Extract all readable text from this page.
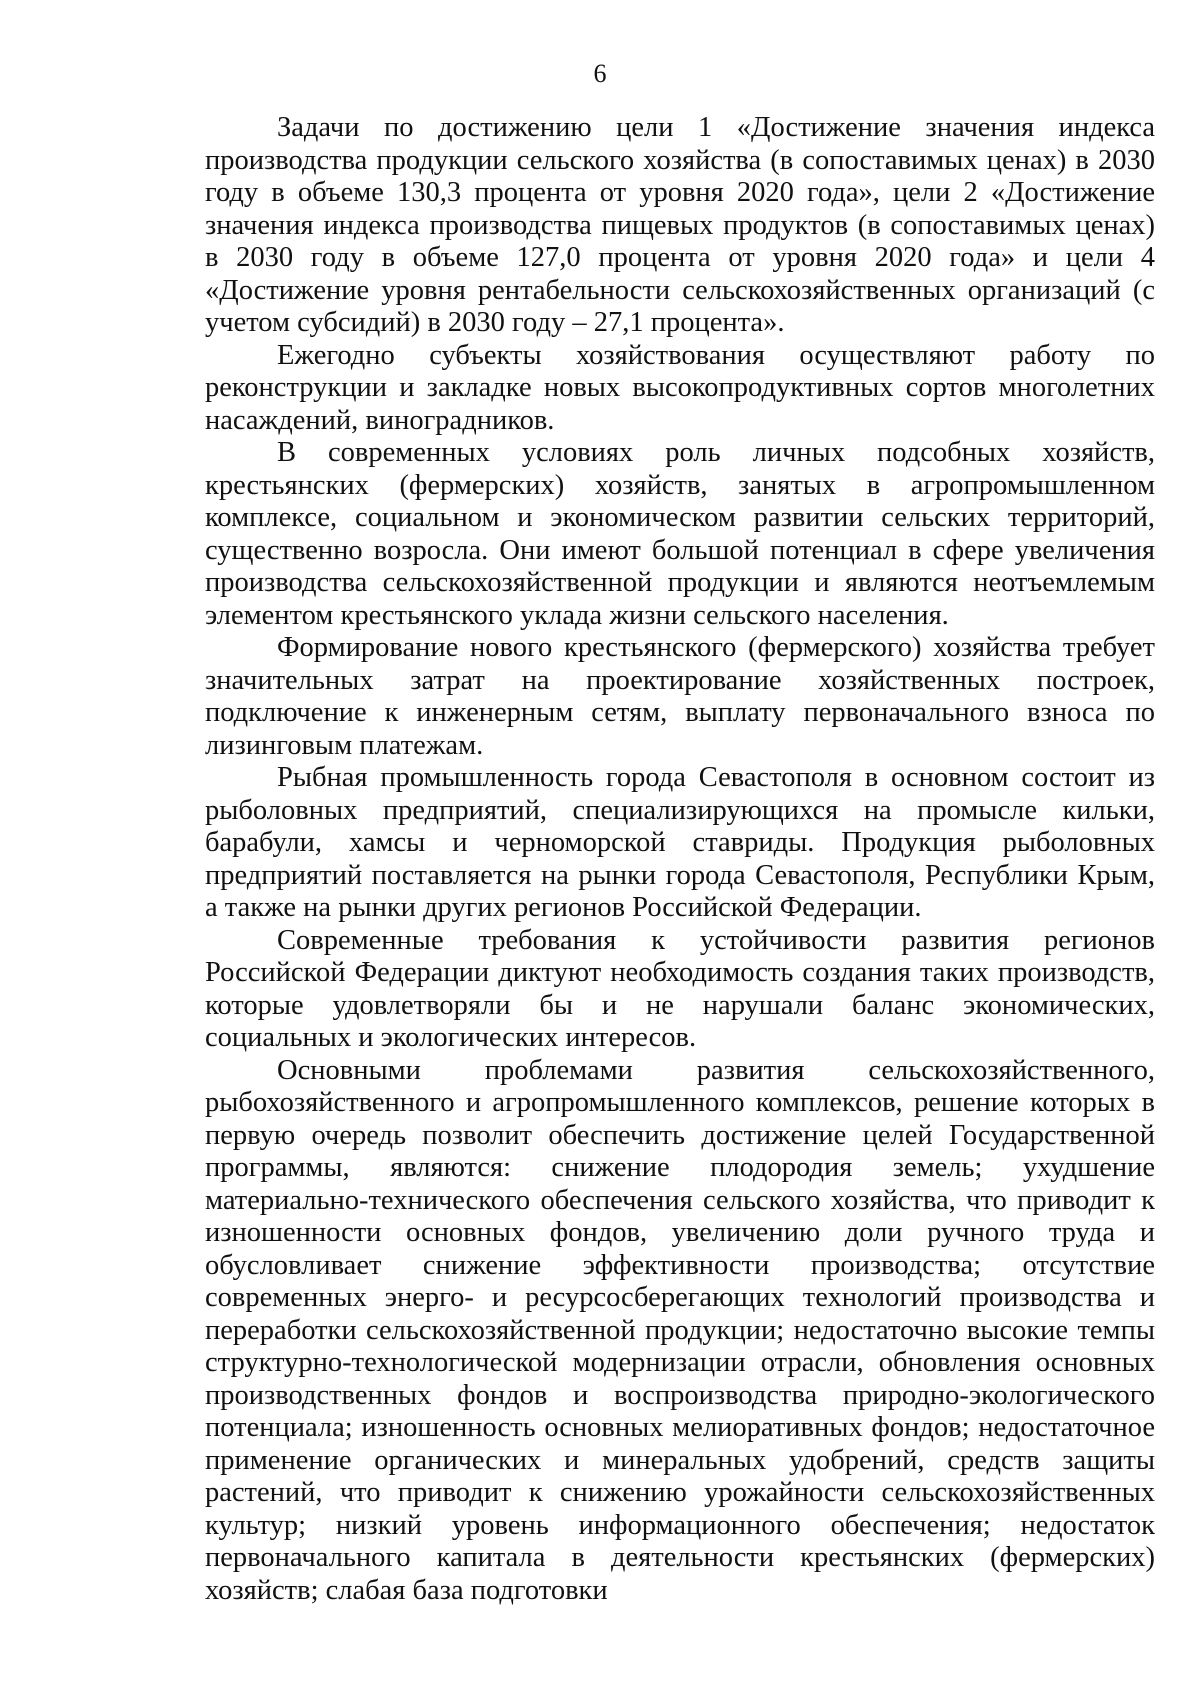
6

Задачи по достижению цели 1 «Достижение значения индекса производства продукции сельского хозяйства (в сопоставимых ценах) в 2030 году в объеме 130,3 процента от уровня 2020 года», цели 2 «Достижение значения индекса производства пищевых продуктов (в сопоставимых ценах) в 2030 году в объеме 127,0 процента от уровня 2020 года» и цели 4 «Достижение уровня рентабельности сельскохозяйственных организаций (с учетом субсидий) в 2030 году – 27,1 процента».

Ежегодно субъекты хозяйствования осуществляют работу по реконструкции и закладке новых высокопродуктивных сортов многолетних насаждений, виноградников.

В современных условиях роль личных подсобных хозяйств, крестьянских (фермерских) хозяйств, занятых в агропромышленном комплексе, социальном и экономическом развитии сельских территорий, существенно возросла. Они имеют большой потенциал в сфере увеличения производства сельскохозяйственной продукции и являются неотъемлемым элементом крестьянского уклада жизни сельского населения.

Формирование нового крестьянского (фермерского) хозяйства требует значительных затрат на проектирование хозяйственных построек, подключение к инженерным сетям, выплату первоначального взноса по лизинговым платежам.

Рыбная промышленность города Севастополя в основном состоит из рыболовных предприятий, специализирующихся на промысле кильки, барабули, хамсы и черноморской ставриды. Продукция рыболовных предприятий поставляется на рынки города Севастополя, Республики Крым, а также на рынки других регионов Российской Федерации.

Современные требования к устойчивости развития регионов Российской Федерации диктуют необходимость создания таких производств, которые удовлетворяли бы и не нарушали баланс экономических, социальных и экологических интересов.

Основными проблемами развития сельскохозяйственного, рыбохозяйственного и агропромышленного комплексов, решение которых в первую очередь позволит обеспечить достижение целей Государственной программы, являются: снижение плодородия земель; ухудшение материально-технического обеспечения сельского хозяйства, что приводит к изношенности основных фондов, увеличению доли ручного труда и обусловливает снижение эффективности производства; отсутствие современных энерго- и ресурсосберегающих технологий производства и переработки сельскохозяйственной продукции; недостаточно высокие темпы структурно-технологической модернизации отрасли, обновления основных производственных фондов и воспроизводства природно-экологического потенциала; изношенность основных мелиоративных фондов; недостаточное применение органических и минеральных удобрений, средств защиты растений, что приводит к снижению урожайности сельскохозяйственных культур; низкий уровень информационного обеспечения; недостаток первоначального капитала в деятельности крестьянских (фермерских) хозяйств; слабая база подготовки
